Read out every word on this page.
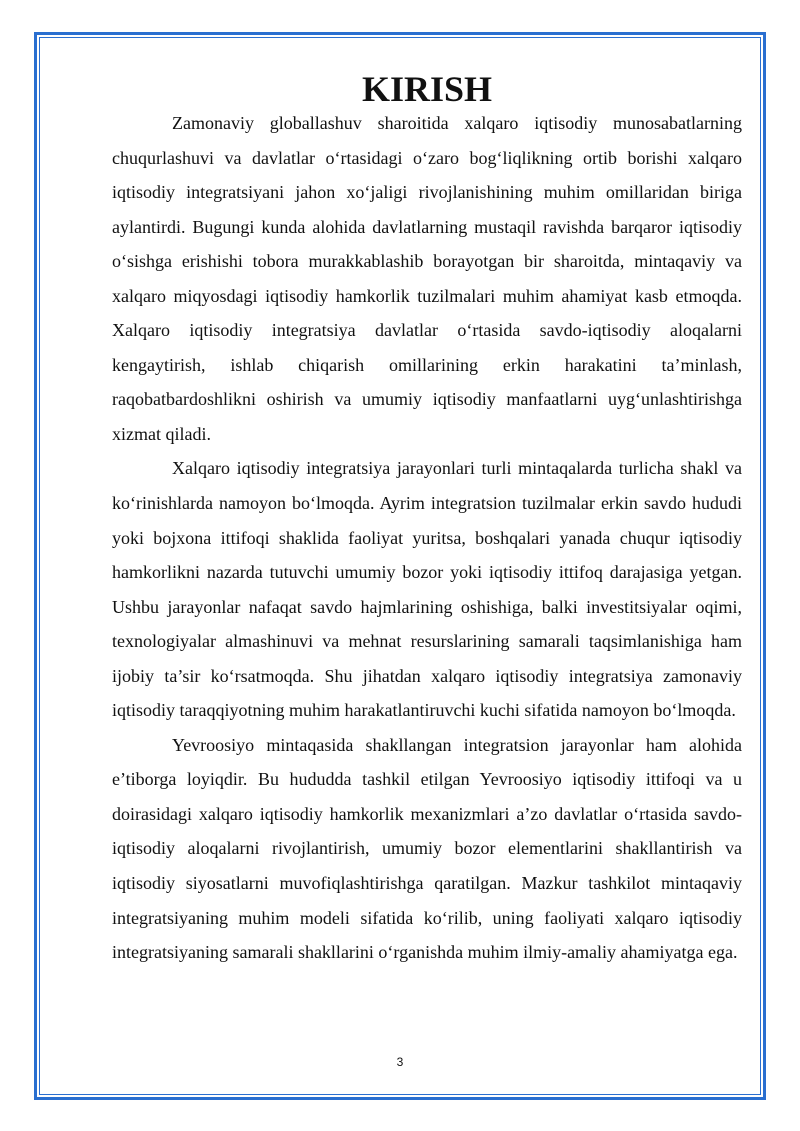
KIRISH

Zamonaviy globallashuv sharoitida xalqaro iqtisodiy munosabatlarning chuqurlashuvi va davlatlar o‘rtasidagi o‘zaro bog‘liqlikning ortib borishi xalqaro iqtisodiy integratsiyani jahon xo‘jaligi rivojlanishining muhim omillaridan biriga aylantirdi. Bugungi kunda alohida davlatlarning mustaqil ravishda barqaror iqtisodiy o‘sishga erishishi tobora murakkablashib borayotgan bir sharoitda, mintaqaviy va xalqaro miqyosdagi iqtisodiy hamkorlik tuzilmalari muhim ahamiyat kasb etmoqda. Xalqaro iqtisodiy integratsiya davlatlar o‘rtasida savdo-iqtisodiy aloqalarni kengaytirish, ishlab chiqarish omillarining erkin harakatini ta’minlash, raqobatbardoshlikni oshirish va umumiy iqtisodiy manfaatlarni uyg‘unlashtirishga xizmat qiladi.

Xalqaro iqtisodiy integratsiya jarayonlari turli mintaqalarda turlicha shakl va ko‘rinishlarda namoyon bo‘lmoqda. Ayrim integratsion tuzilmalar erkin savdo hududi yoki bojxona ittifoqi shaklida faoliyat yuritsa, boshqalari yanada chuqur iqtisodiy hamkorlikni nazarda tutuvchi umumiy bozor yoki iqtisodiy ittifoq darajasiga yetgan. Ushbu jarayonlar nafaqat savdo hajmlarining oshishiga, balki investitsiyalar oqimi, texnologiyalar almashinuvi va mehnat resurslarining samarali taqsimlanishiga ham ijobiy ta’sir ko‘rsatmoqda. Shu jihatdan xalqaro iqtisodiy integratsiya zamonaviy iqtisodiy taraqqiyotning muhim harakatlantiruvchi kuchi sifatida namoyon bo‘lmoqda.

Yevroosiyo mintaqasida shakllangan integratsion jarayonlar ham alohida e’tiborga loyiqdir. Bu hududda tashkil etilgan Yevroosiyo iqtisodiy ittifoqi va u doirasidagi xalqaro iqtisodiy hamkorlik mexanizmlari a’zo davlatlar o‘rtasida savdo-iqtisodiy aloqalarni rivojlantirish, umumiy bozor elementlarini shakllantirish va iqtisodiy siyosatlarni muvofiqlashtirishga qaratilgan. Mazkur tashkilot mintaqaviy integratsiyaning muhim modeli sifatida ko‘rilib, uning faoliyati xalqaro iqtisodiy integratsiyaning samarali shakllarini o‘rganishda muhim ilmiy-amaliy ahamiyatga ega.

3
